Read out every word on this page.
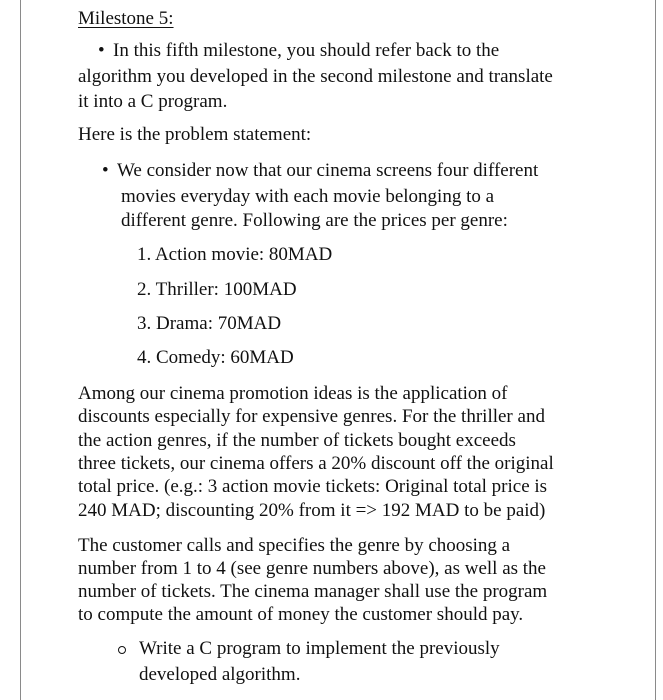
Milestone 5:
• In this fifth milestone, you should refer back to the
algorithm you developed in the second milestone and translate
it into a C program.
Here is the problem statement:
• We consider now that our cinema screens four different
movies everyday with each movie belonging to a
different genre. Following are the prices per genre:
1. Action movie: 80MAD
2. Thriller: 100MAD
3. Drama: 70MAD
4. Comedy: 60MAD
Among our cinema promotion ideas is the application of
discounts especially for expensive genres. For the thriller and
the action genres, if the number of tickets bought exceeds
three tickets, our cinema offers a 20% discount off the original
total price. (e.g.: 3 action movie tickets: Original total price is
240 MAD; discounting 20% from it => 192 MAD to be paid)
The customer calls and specifies the genre by choosing a
number from 1 to 4 (see genre numbers above), as well as the
number of tickets. The cinema manager shall use the program
to compute the amount of money the customer should pay.
Write a C program to implement the previously
developed algorithm.
